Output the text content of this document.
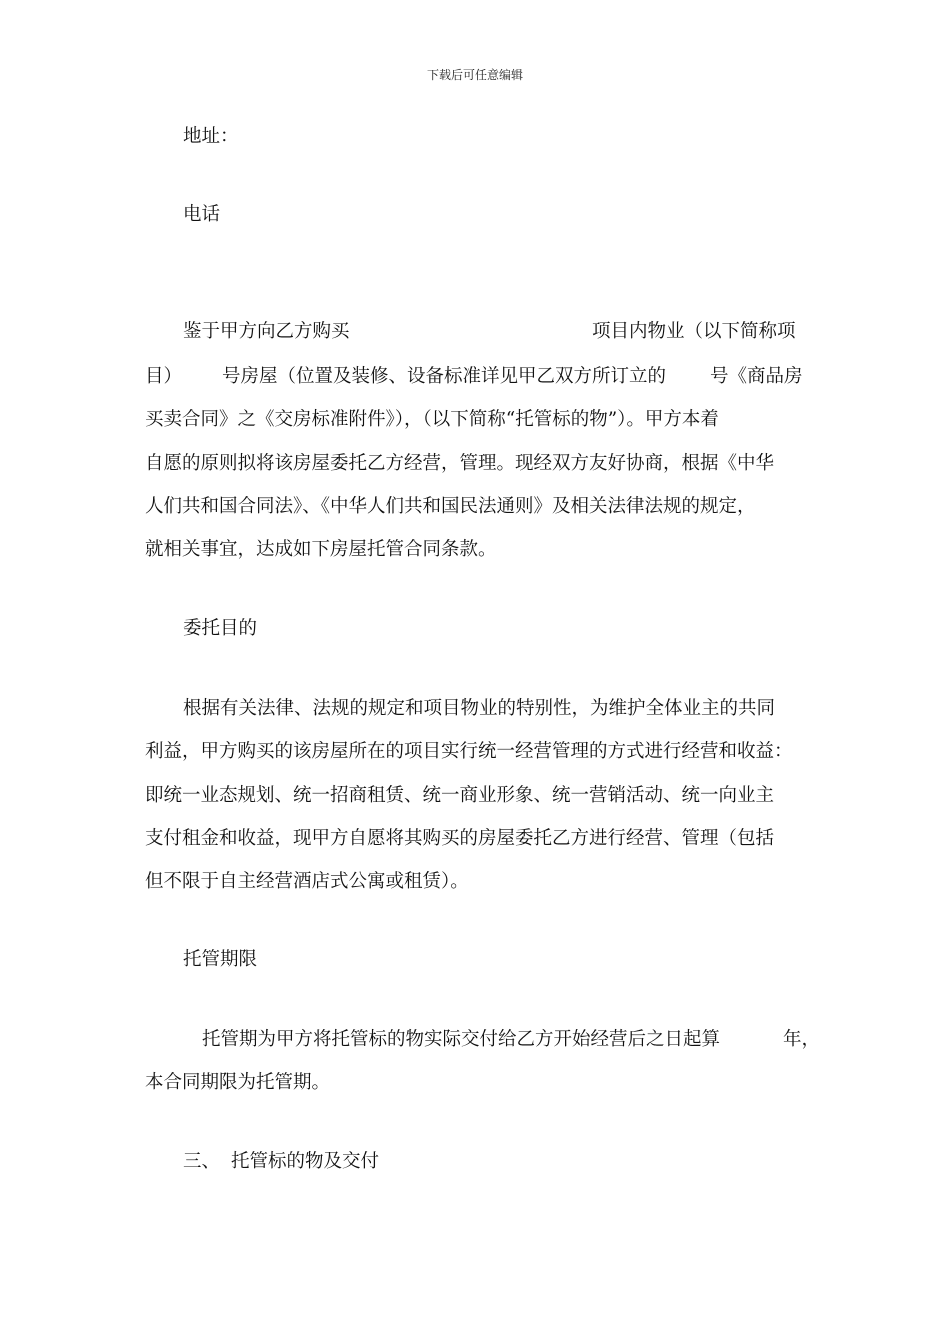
下载后可任意编辑
地址：
电话
鉴于甲方向乙方购买	项目内物业（以下简称项
目） 号房屋（位置及装修、设备标准详见甲乙双方所订立的 号《商品房
买卖合同》之《交房标准附件》），（以下简称“托管标的物”）。甲方本着
自愿的原则拟将该房屋委托乙方经营，管理。现经双方友好协商，根据《中华
人们共和国合同法》、《中华人们共和国民法通则》及相关法律法规的规定，
就相关事宜，达成如下房屋托管合同条款。
委托目的
根据有关法律、法规的规定和项目物业的特别性，为维护全体业主的共同
利益，甲方购买的该房屋所在的项目实行统一经营管理的方式进行经营和收益：
即统一业态规划、统一招商租赁、统一商业形象、统一营销活动、统一向业主
支付租金和收益，现甲方自愿将其购买的房屋委托乙方进行经营、管理（包括
但不限于自主经营酒店式公寓或租赁）。
托管期限
托管期为甲方将托管标的物实际交付给乙方开始经营后之日起算	年，
本合同期限为托管期。
三、 托管标的物及交付
